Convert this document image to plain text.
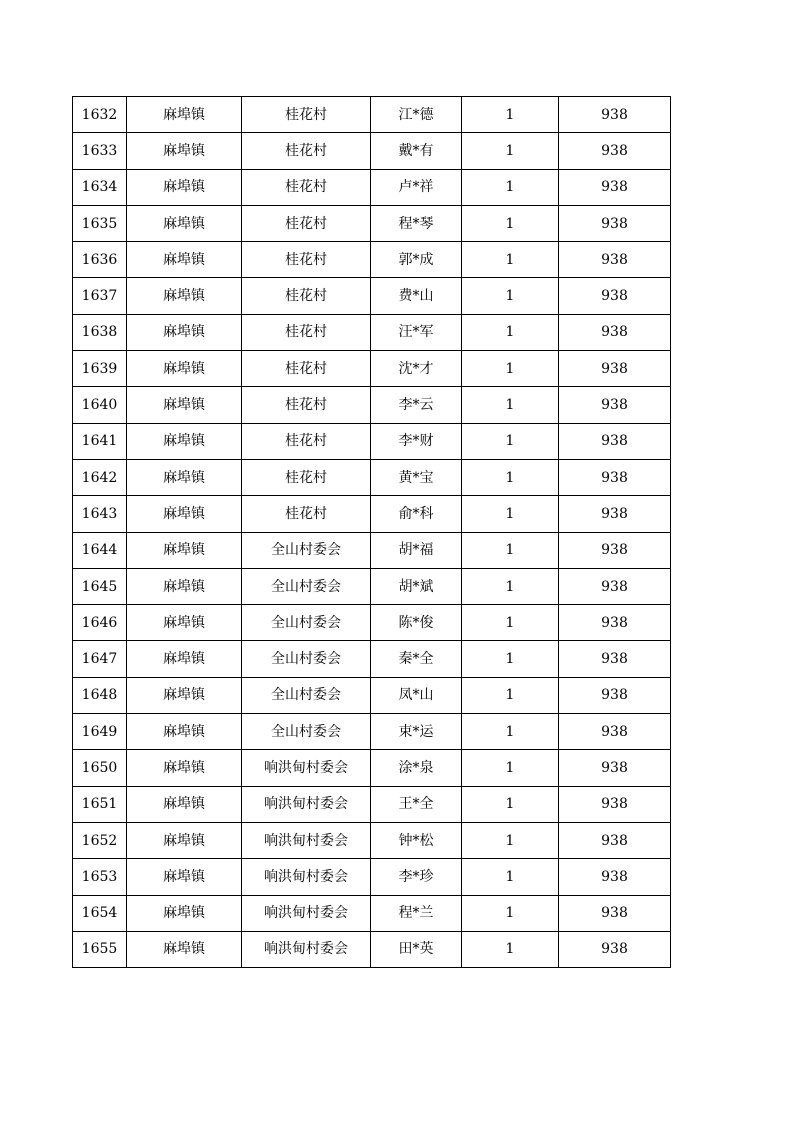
1632	麻埠镇	桂花村	江*德	1	938
1633	麻埠镇	桂花村	戴*有	1	938
1634	麻埠镇	桂花村	卢*祥	1	938
1635	麻埠镇	桂花村	程*琴	1	938
1636	麻埠镇	桂花村	郭*成	1	938
1637	麻埠镇	桂花村	费*山	1	938
1638	麻埠镇	桂花村	汪*军	1	938
1639	麻埠镇	桂花村	沈*才	1	938
1640	麻埠镇	桂花村	李*云	1	938
1641	麻埠镇	桂花村	李*财	1	938
1642	麻埠镇	桂花村	黄*宝	1	938
1643	麻埠镇	桂花村	俞*科	1	938
1644	麻埠镇	全山村委会	胡*福	1	938
1645	麻埠镇	全山村委会	胡*斌	1	938
1646	麻埠镇	全山村委会	陈*俊	1	938
1647	麻埠镇	全山村委会	秦*全	1	938
1648	麻埠镇	全山村委会	凤*山	1	938
1649	麻埠镇	全山村委会	束*运	1	938
1650	麻埠镇	响洪甸村委会	涂*泉	1	938
1651	麻埠镇	响洪甸村委会	王*全	1	938
1652	麻埠镇	响洪甸村委会	钟*松	1	938
1653	麻埠镇	响洪甸村委会	李*珍	1	938
1654	麻埠镇	响洪甸村委会	程*兰	1	938
1655	麻埠镇	响洪甸村委会	田*英	1	938
